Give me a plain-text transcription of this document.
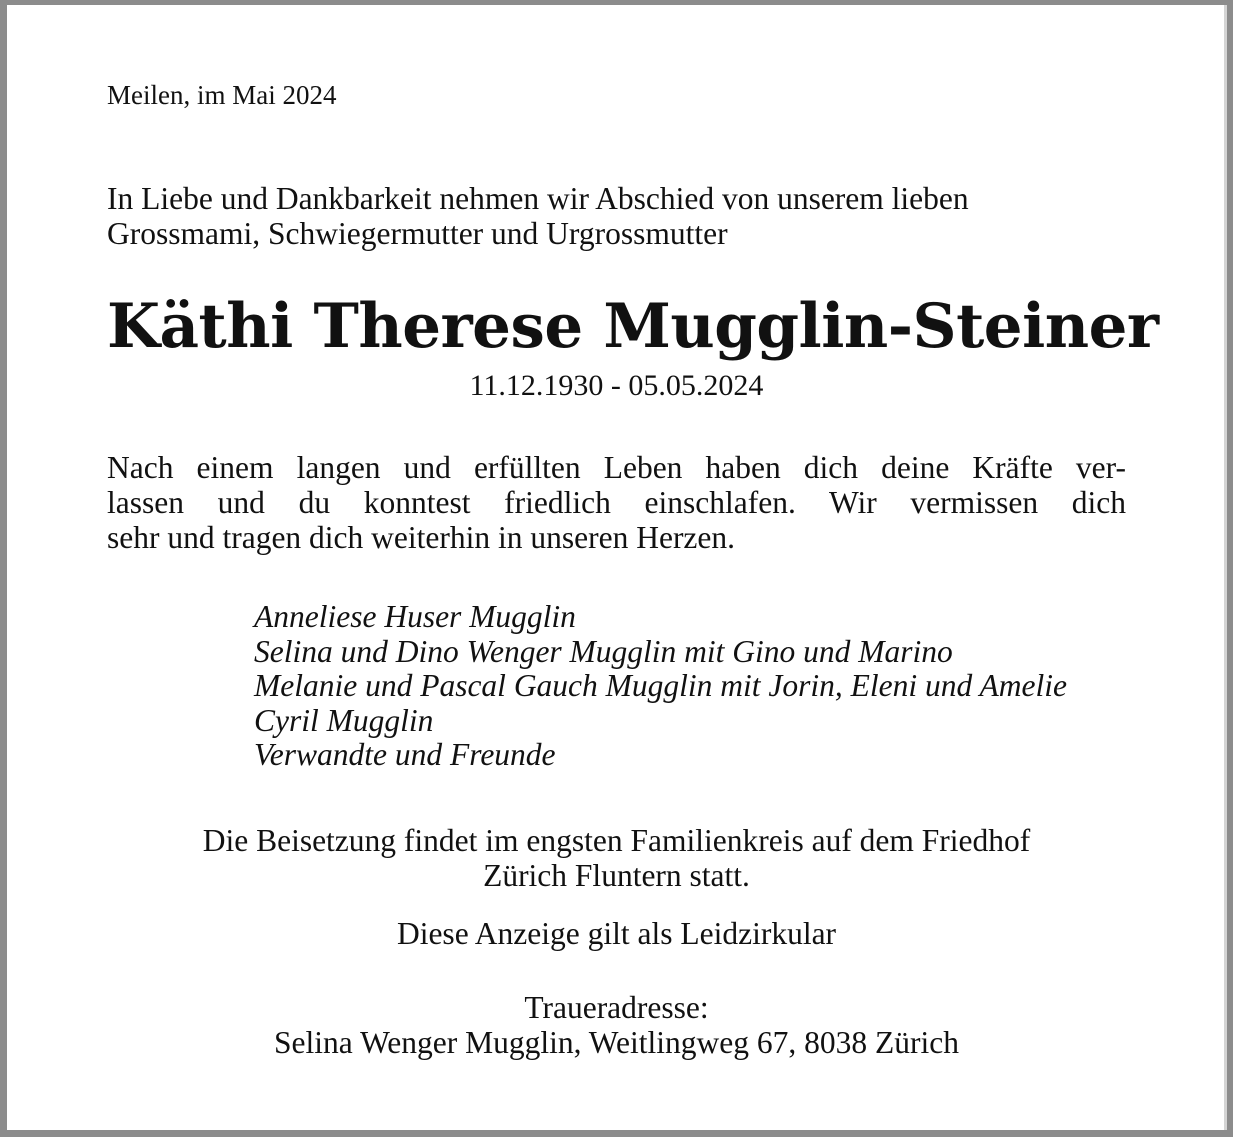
Meilen, im Mai 2024
In Liebe und Dankbarkeit nehmen wir Abschied von unserem lieben
Grossmami, Schwiegermutter und Urgrossmutter
Käthi Therese Mugglin-Steiner
11.12.1930 - 05.05.2024
Nach einem langen und erfüllten Leben haben dich deine Kräfte ver-
lassen und du konntest friedlich einschlafen. Wir vermissen dich
sehr und tragen dich weiterhin in unseren Herzen.
Anneliese Huser Mugglin
Selina und Dino Wenger Mugglin mit Gino und Marino
Melanie und Pascal Gauch Mugglin mit Jorin, Eleni und Amelie
Cyril Mugglin
Verwandte und Freunde
Die Beisetzung findet im engsten Familienkreis auf dem Friedhof
Zürich Fluntern statt.
Diese Anzeige gilt als Leidzirkular
Traueradresse:
Selina Wenger Mugglin, Weitlingweg 67, 8038 Zürich
